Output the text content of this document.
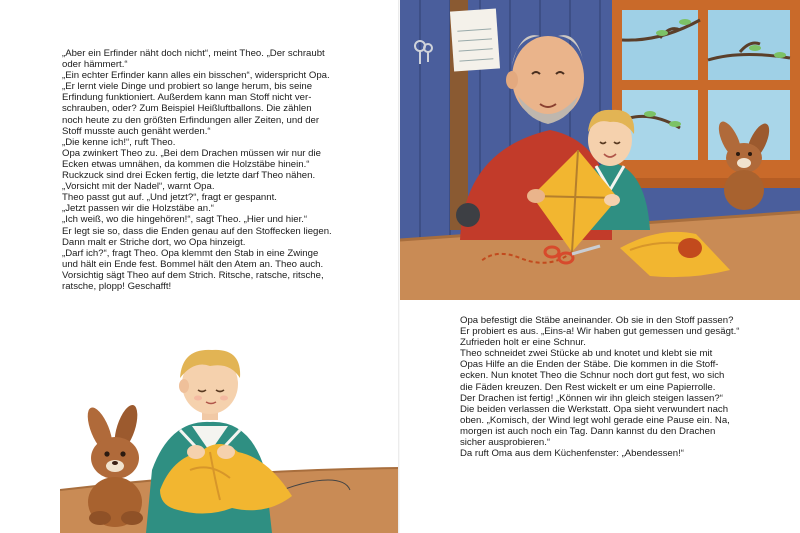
„Aber ein Erfinder näht doch nicht“, meint Theo. „Der schraubt

oder hämmert.“

„Ein echter Erfinder kann alles ein bisschen“, widerspricht Opa.

„Er lernt viele Dinge und probiert so lange herum, bis seine

Erfindung funktioniert. Außerdem kann man Stoff nicht ver-

schrauben, oder? Zum Beispiel Heißluftballons. Die zählen

noch heute zu den größten Erfindungen aller Zeiten, und der

Stoff musste auch genäht werden.“

„Die kenne ich!“, ruft Theo.

Opa zwinkert Theo zu. „Bei dem Drachen müssen wir nur die

Ecken etwas umnähen, da kommen die Holzstäbe hinein.“

Ruckzuck sind drei Ecken fertig, die letzte darf Theo nähen.

„Vorsicht mit der Nadel“, warnt Opa.

Theo passt gut auf. „Und jetzt?“, fragt er gespannt.

„Jetzt passen wir die Holzstäbe an.“

„Ich weiß, wo die hingehören!“, sagt Theo. „Hier und hier.“

Er legt sie so, dass die Enden genau auf den Stoffecken liegen.

Dann malt er Striche dort, wo Opa hinzeigt.

„Darf ich?“, fragt Theo. Opa klemmt den Stab in eine Zwinge

und hält ein Ende fest. Bommel hält den Atem an. Theo auch.

Vorsichtig sägt Theo auf dem Strich. Ritsche, ratsche, ritsche,

ratsche, plopp! Geschafft!

Opa befestigt die Stäbe aneinander. Ob sie in den Stoff passen?

Er probiert es aus. „Eins-a! Wir haben gut gemessen und gesägt.“

Zufrieden holt er eine Schnur.

Theo schneidet zwei Stücke ab und knotet und klebt sie mit

Opas Hilfe an die Enden der Stäbe. Die kommen in die Stoff-

ecken. Nun knotet Theo die Schnur noch dort gut fest, wo sich

die Fäden kreuzen. Den Rest wickelt er um eine Papierrolle.

Der Drachen ist fertig! „Können wir ihn gleich steigen lassen?“

Die beiden verlassen die Werkstatt. Opa sieht verwundert nach

oben. „Komisch, der Wind legt wohl gerade eine Pause ein. Na,

morgen ist auch noch ein Tag. Dann kannst du den Drachen

sicher ausprobieren.“

Da ruft Oma aus dem Küchenfenster: „Abendessen!“
